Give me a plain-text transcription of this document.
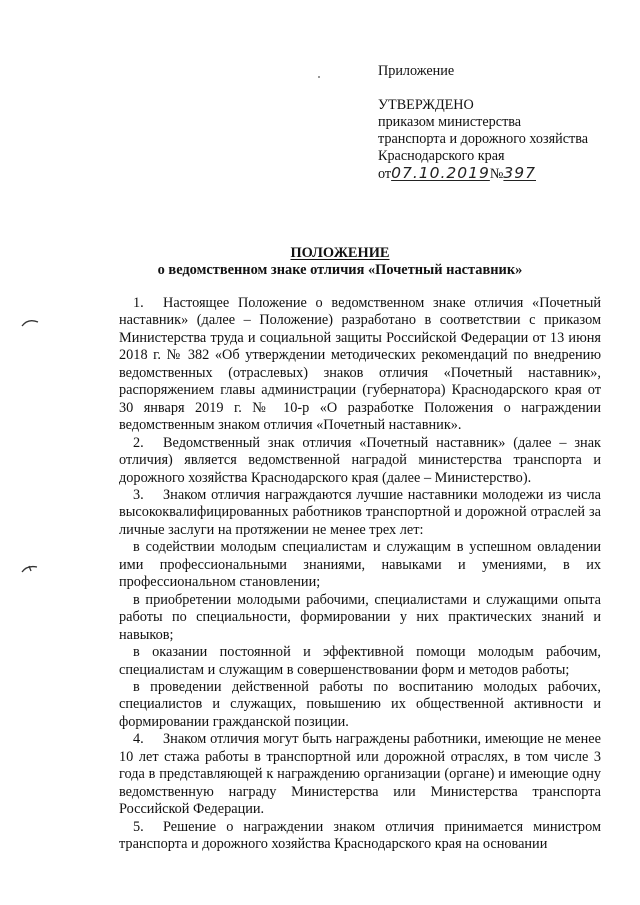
Приложение
УТВЕРЖДЕНО
приказом министерства
транспорта и дорожного хозяйства
Краснодарского края
от07.10.2019№397
ПОЛОЖЕНИЕ
о ведомственном знаке отличия «Почетный наставник»

1. Настоящее Положение о ведомственном знаке отличия «Почетный наставник» (далее – Положение) разработано в соответствии с приказом Министерства труда и социальной защиты Российской Федерации от 13 июня 2018 г. № 382 «Об утверждении методических рекомендаций по внедрению ведомственных (отраслевых) знаков отличия «Почетный наставник», распоряжением главы администрации (губернатора) Краснодарского края от 30 января 2019 г. № 10-р «О разработке Положения о награждении ведомственным знаком отличия «Почетный наставник».

2. Ведомственный знак отличия «Почетный наставник» (далее – знак отличия) является ведомственной наградой министерства транспорта и дорожного хозяйства Краснодарского края (далее – Министерство).

3. Знаком отличия награждаются лучшие наставники молодежи из числа высококвалифицированных работников транспортной и дорожной отраслей за личные заслуги на протяжении не менее трех лет:

в содействии молодым специалистам и служащим в успешном овладении ими профессиональными знаниями, навыками и умениями, в их профессиональном становлении;

в приобретении молодыми рабочими, специалистами и служащими опыта работы по специальности, формировании у них практических знаний и навыков;

в оказании постоянной и эффективной помощи молодым рабочим, специалистам и служащим в совершенствовании форм и методов работы;

в проведении действенной работы по воспитанию молодых рабочих, специалистов и служащих, повышению их общественной активности и формировании гражданской позиции.

4. Знаком отличия могут быть награждены работники, имеющие не менее 10 лет стажа работы в транспортной или дорожной отраслях, в том числе 3 года в представляющей к награждению организации (органе) и имеющие одну ведомственную награду Министерства или Министерства транспорта Российской Федерации.

5. Решение о награждении знаком отличия принимается министром транспорта и дорожного хозяйства Краснодарского края на основании
